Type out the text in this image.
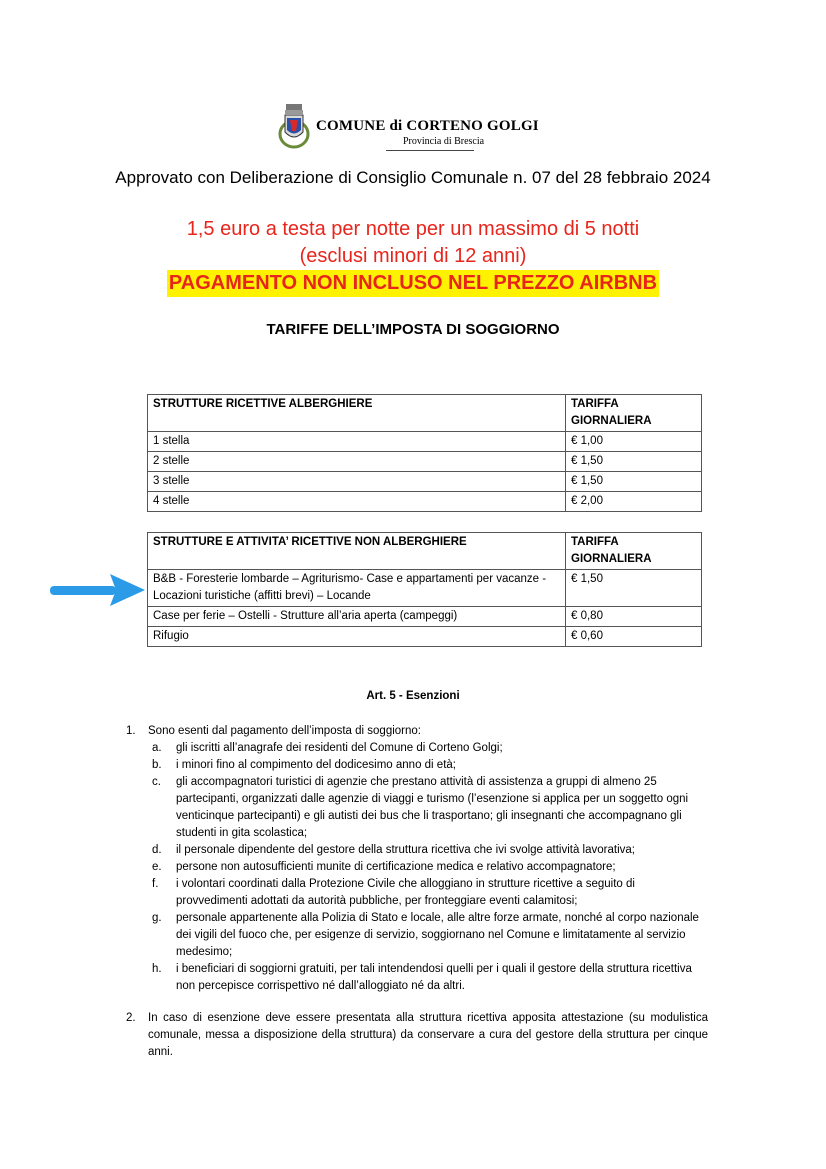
COMUNE di CORTENO GOLGI
Provincia di Brescia
Approvato con Deliberazione di Consiglio Comunale n. 07 del 28 febbraio 2024
1,5 euro a testa per notte per un massimo di 5 notti
(esclusi minori di 12 anni)
PAGAMENTO NON INCLUSO NEL PREZZO AIRBNB
TARIFFE DELL’IMPOSTA DI SOGGIORNO
STRUTTURE RICETTIVE ALBERGHIERE	TARIFFA GIORNALIERA
1 stella	€ 1,00
2 stelle	€ 1,50
3 stelle	€ 1,50
4 stelle	€ 2,00
STRUTTURE E ATTIVITA’ RICETTIVE NON ALBERGHIERE	TARIFFA GIORNALIERA
B&B - Foresterie lombarde – Agriturismo- Case e appartamenti per vacanze - Locazioni turistiche (affitti brevi) – Locande	€ 1,50
Case per ferie – Ostelli - Strutture all’aria aperta (campeggi)	€ 0,80
Rifugio	€ 0,60
Art. 5 - Esenzioni
1. Sono esenti dal pagamento dell’imposta di soggiorno:
a. gli iscritti all’anagrafe dei residenti del Comune di Corteno Golgi;
b. i minori fino al compimento del dodicesimo anno di età;
c. gli accompagnatori turistici di agenzie che prestano attività di assistenza a gruppi di almeno 25 partecipanti, organizzati dalle agenzie di viaggi e turismo (l’esenzione si applica per un soggetto ogni venticinque partecipanti) e gli autisti dei bus che li trasportano; gli insegnanti che accompagnano gli studenti in gita scolastica;
d. il personale dipendente del gestore della struttura ricettiva che ivi svolge attività lavorativa;
e. persone non autosufficienti munite di certificazione medica e relativo accompagnatore;
f. i volontari coordinati dalla Protezione Civile che alloggiano in strutture ricettive a seguito di provvedimenti adottati da autorità pubbliche, per fronteggiare eventi calamitosi;
g. personale appartenente alla Polizia di Stato e locale, alle altre forze armate, nonché al corpo nazionale dei vigili del fuoco che, per esigenze di servizio, soggiornano nel Comune e limitatamente al servizio medesimo;
h. i beneficiari di soggiorni gratuiti, per tali intendendosi quelli per i quali il gestore della struttura ricettiva non percepisce corrispettivo né dall’alloggiato né da altri.
2. In caso di esenzione deve essere presentata alla struttura ricettiva apposita attestazione (su modulistica comunale, messa a disposizione della struttura) da conservare a cura del gestore della struttura per cinque anni.
